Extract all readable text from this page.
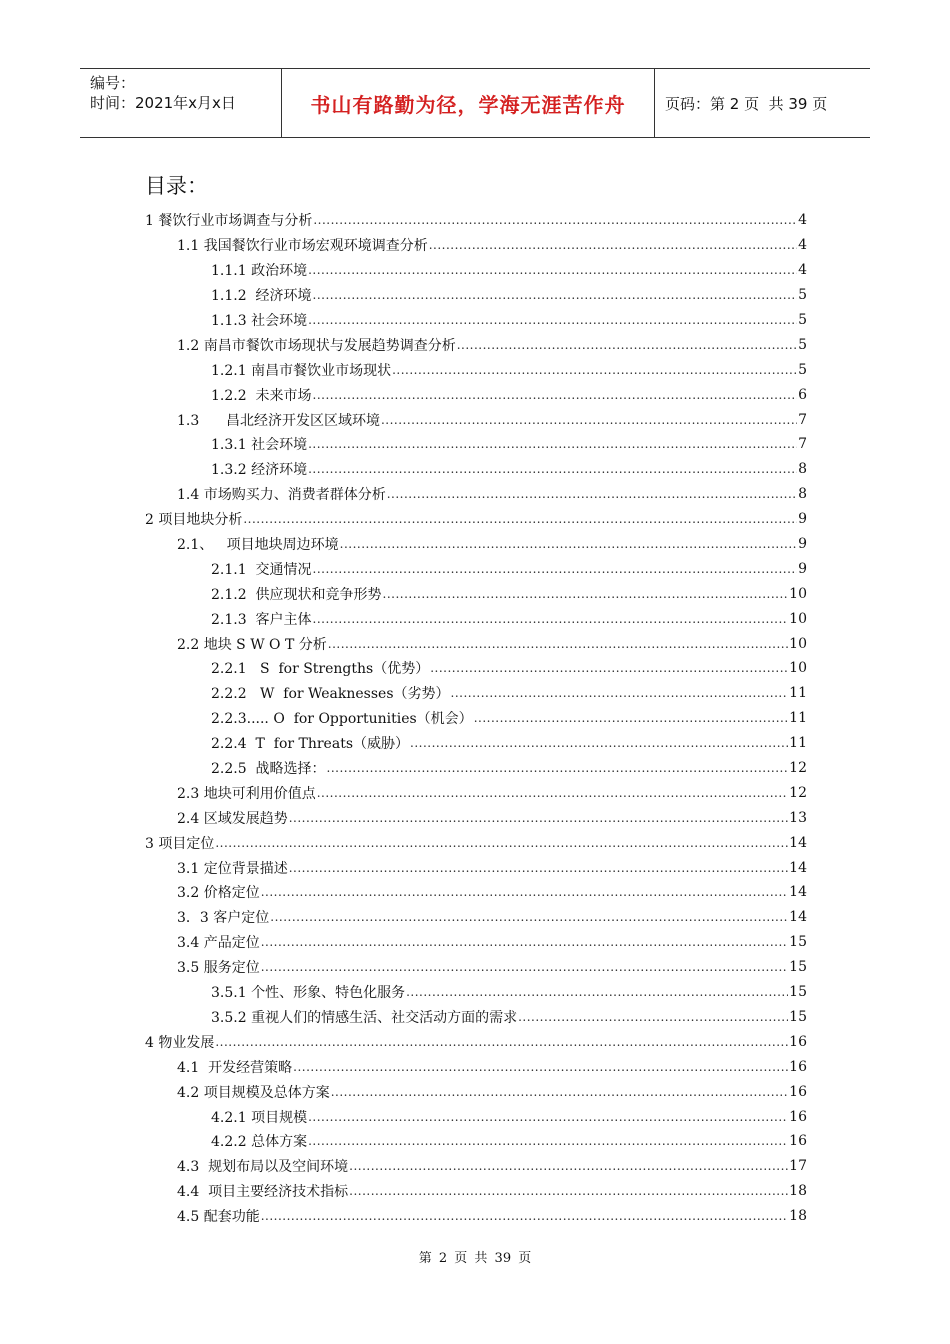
编号：
时间：2021年x月x日	书山有路勤为径，学海无涯苦作舟	页码：第 2 页  共 39 页
目录：
1 餐饮行业市场调查与分析 .....	4
1.1 我国餐饮行业市场宏观环境调查分析 .....	4
1.1.1 政治环境 .....	4
1.1.2  经济环境 .....	5
1.1.3 社会环境 .....	5
1.2 南昌市餐饮市场现状与发展趋势调查分析 .....	5
1.2.1 南昌市餐饮业市场现状 .....	5
1.2.2  未来市场 .....	6
1.3      昌北经济开发区区域环境 .....	7
1.3.1 社会环境 .....	7
1.3.2 经济环境 .....	8
1.4 市场购买力、消费者群体分析 .....	8
2 项目地块分析 .....	9
2.1、   项目地块周边环境 .....	9
2.1.1  交通情况 .....	9
2.1.2  供应现状和竞争形势 .....	10
2.1.3  客户主体 .....	10
2.2 地块 S W O T 分析 .....	10
2.2.1   S  for Strengths（优势） .....	10
2.2.2   W  for Weaknesses（劣势） .....	11
2.2.3..... O  for Opportunities（机会） .....	11
2.2.4  T  for Threats（威胁） .....	11
2.2.5  战略选择： .....	12
2.3 地块可利用价值点 .....	12
2.4 区域发展趋势 .....	13
3 项目定位 .....	14
3.1 定位背景描述 .....	14
3.2 价格定位 .....	14
3．3 客户定位 .....	14
3.4 产品定位 .....	15
3.5 服务定位 .....	15
3.5.1 个性、形象、特色化服务 .....	15
3.5.2 重视人们的情感生活、社交活动方面的需求 .....	15
4 物业发展 .....	16
4.1  开发经营策略 .....	16
4.2 项目规模及总体方案 .....	16
4.2.1 项目规模 .....	16
4.2.2 总体方案 .....	16
4.3  规划布局以及空间环境 .....	17
4.4  项目主要经济技术指标 .....	18
4.5 配套功能 .....	18
第 2 页 共 39 页
